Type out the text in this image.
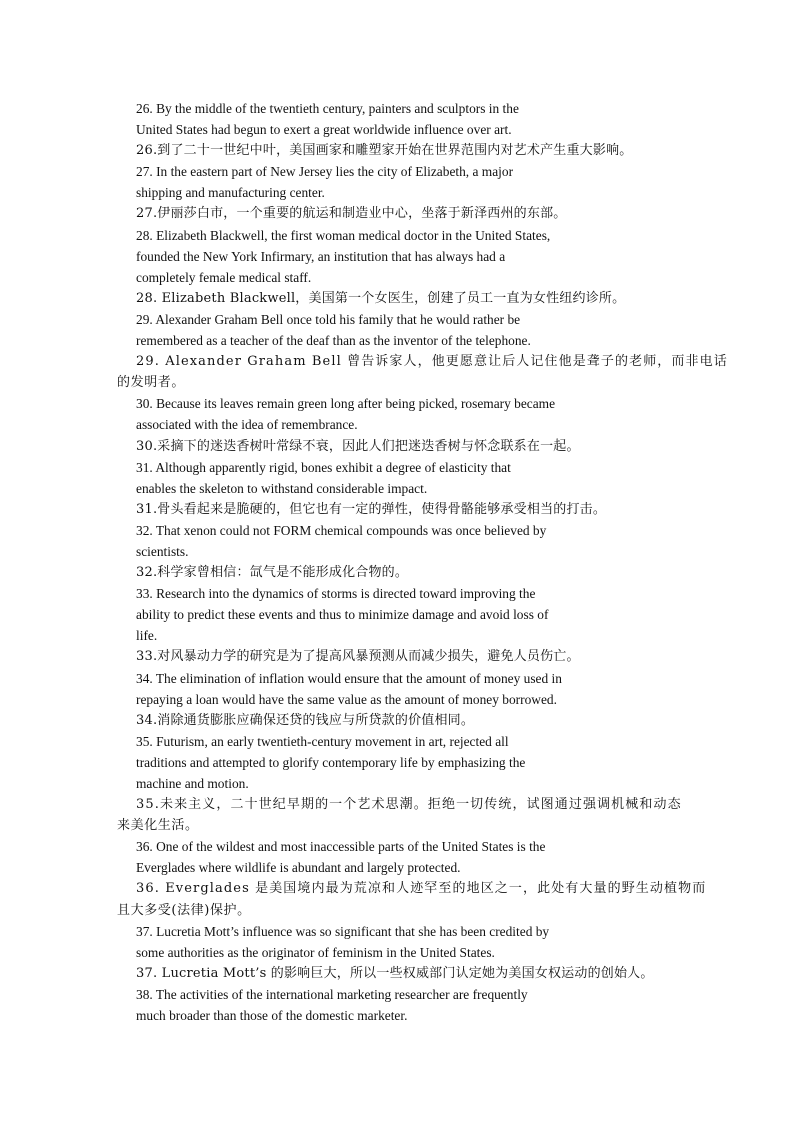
26. By the middle of the twentieth century, painters and sculptors in the
United States had begun to exert a great worldwide influence over art.
26.到了二十一世纪中叶，美国画家和雕塑家开始在世界范围内对艺术产生重大影响。
27. In the eastern part of New Jersey lies the city of Elizabeth, a major
shipping and manufacturing center.
27.伊丽莎白市，一个重要的航运和制造业中心，坐落于新泽西州的东部。
28. Elizabeth Blackwell, the first woman medical doctor in the United States,
founded the New York Infirmary, an institution that has always had a
completely female medical staff.
28. Elizabeth Blackwell，美国第一个女医生，创建了员工一直为女性纽约诊所。
29. Alexander Graham Bell once told his family that he would rather be
remembered as a teacher of the deaf than as the inventor of the telephone.
29. Alexander Graham Bell 曾告诉家人，他更愿意让后人记住他是聋子的老师，而非电话
的发明者。
30. Because its leaves remain green long after being picked, rosemary became
associated with the idea of remembrance.
30.采摘下的迷迭香树叶常绿不衰，因此人们把迷迭香树与怀念联系在一起。
31. Although apparently rigid, bones exhibit a degree of elasticity that
enables the skeleton to withstand considerable impact.
31.骨头看起来是脆硬的，但它也有一定的弹性，使得骨骼能够承受相当的打击。
32. That xenon could not FORM chemical compounds was once believed by
scientists.
32.科学家曾相信：氙气是不能形成化合物的。
33. Research into the dynamics of storms is directed toward improving the
ability to predict these events and thus to minimize damage and avoid loss of
life.
33.对风暴动力学的研究是为了提高风暴预测从而减少损失，避免人员伤亡。
34. The elimination of inflation would ensure that the amount of money used in
repaying a loan would have the same value as the amount of money borrowed.
34.消除通货膨胀应确保还贷的钱应与所贷款的价值相同。
35. Futurism, an early twentieth-century movement in art, rejected all
traditions and attempted to glorify contemporary life by emphasizing the
machine and motion.
35.未来主义，二十世纪早期的一个艺术思潮。拒绝一切传统，试图通过强调机械和动态
来美化生活。
36. One of the wildest and most inaccessible parts of the United States is the
Everglades where wildlife is abundant and largely protected.
36. Everglades 是美国境内最为荒凉和人迹罕至的地区之一，此处有大量的野生动植物而
且大多受(法律)保护。
37. Lucretia Mott’s influence was so significant that she has been credited by
some authorities as the originator of feminism in the United States.
37. Lucretia Mott’s 的影响巨大，所以一些权威部门认定她为美国女权运动的创始人。
38. The activities of the international marketing researcher are frequently
much broader than those of the domestic marketer.
